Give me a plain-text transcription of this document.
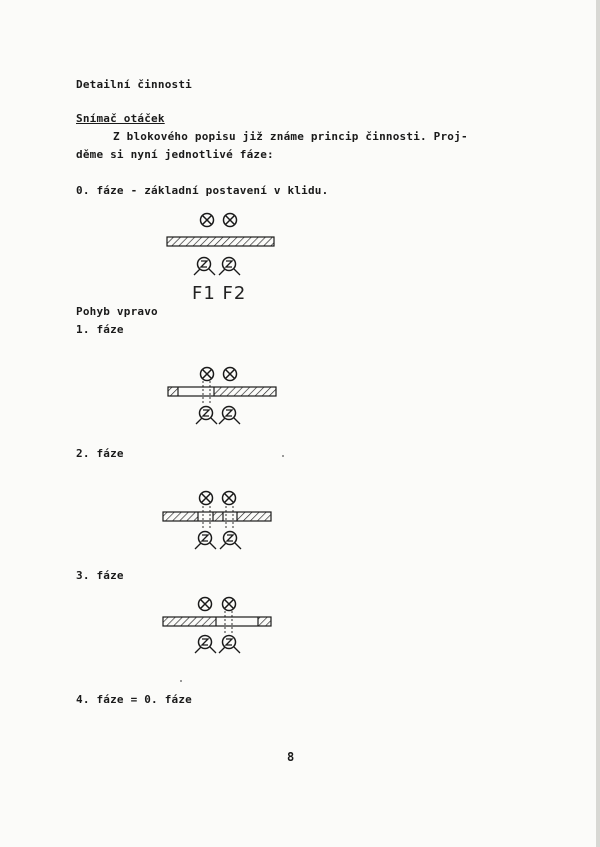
Detailní činnosti
Snímač otáček
Z blokového popisu již známe princip činnosti. Proj-
děme si nyní jednotlivé fáze:
0. fáze - základní postavení v klidu.
F1 F2
Pohyb vpravo
1. fáze
2. fáze
3. fáze
4. fáze = 0. fáze
8
